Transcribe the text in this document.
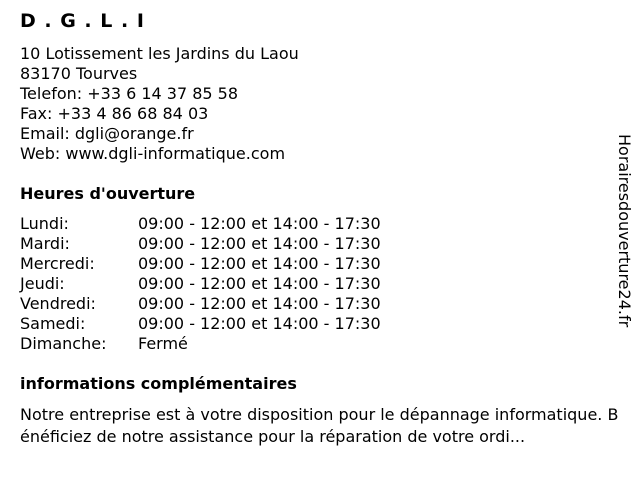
D . G . L . I
10 Lotissement les Jardins du Laou
83170 Tourves
Telefon: +33 6 14 37 85 58
Fax: +33 4 86 68 84 03
Email: dgli@orange.fr
Web: www.dgli-informatique.com
Heures d'ouverture
Lundi:	09:00 - 12:00 et 14:00 - 17:30
Mardi:	09:00 - 12:00 et 14:00 - 17:30
Mercredi:	09:00 - 12:00 et 14:00 - 17:30
Jeudi:	09:00 - 12:00 et 14:00 - 17:30
Vendredi:	09:00 - 12:00 et 14:00 - 17:30
Samedi:	09:00 - 12:00 et 14:00 - 17:30
Dimanche:	Fermé
informations complémentaires
Notre entreprise est à votre disposition pour le dépannage informatique. Bénéficiez de notre assistance pour la réparation de votre ordi...
Horairesdouverture24.fr
